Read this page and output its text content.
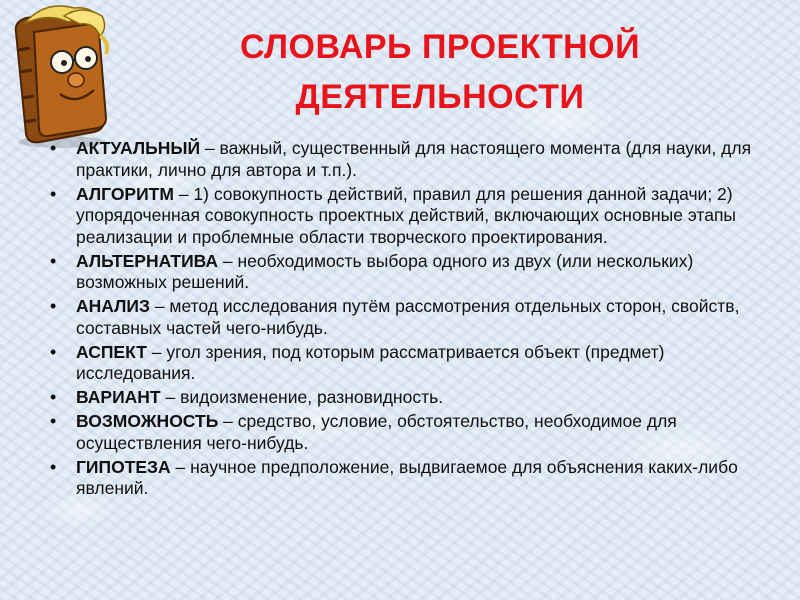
СЛОВАРЬ ПРОЕКТНОЙ
ДЕЯТЕЛЬНОСТИ
• АКТУАЛЬНЫЙ – важный, существенный для настоящего момента (для науки, для практики, лично для автора и т.п.).
• АЛГОРИТМ – 1) совокупность действий, правил для решения данной задачи; 2) упорядоченная совокупность проектных действий, включающих основные этапы реализации и проблемные области творческого проектирования.
• АЛЬТЕРНАТИВА – необходимость выбора одного из двух (или нескольких) возможных решений.
• АНАЛИЗ – метод исследования путём рассмотрения отдельных сторон, свойств, составных частей чего-нибудь.
• АСПЕКТ – угол зрения, под которым рассматривается объект (предмет) исследования.
• ВАРИАНТ – видоизменение, разновидность.
• ВОЗМОЖНОСТЬ – средство, условие, обстоятельство, необходимое для осуществления чего-нибудь.
• ГИПОТЕЗА – научное предположение, выдвигаемое для объяснения каких-либо явлений.
